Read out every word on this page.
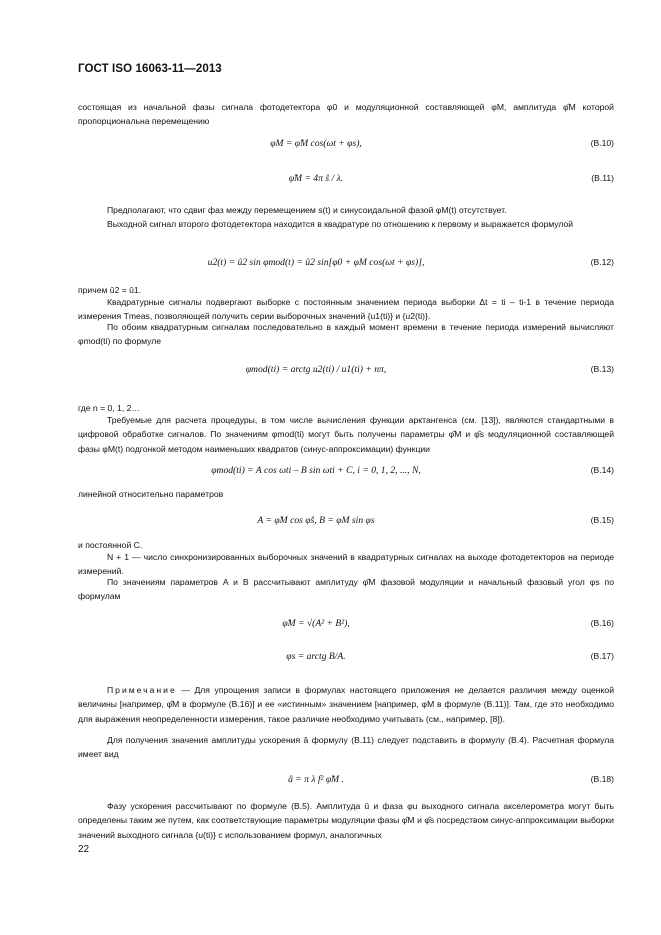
ГОСТ ISO 16063-11—2013
состоящая из начальной фазы сигнала фотодетектора φ0 и модуляционной составляющей φM, амплитуда φ̂M которой пропорциональна перемещению
φM = φ̂M cos(ωt + φs),	(В.10)
φ̂M = 4π ŝ / λ.	(В.11)
Предполагают, что сдвиг фаз между перемещением s(t) и синусоидальной фазой φM(t) отсутствует.
Выходной сигнал второго фотодетектора находится в квадратуре по отношению к первому и выражается формулой
u2(t) = û2 sin φmod(t) = û2 sin[φ0 + φM cos(ωt + φs)],	(В.12)
причем û2 = û1.
Квадратурные сигналы подвергают выборке с постоянным значением периода выборки Δt = ti – ti-1 в течение периода измерения Tmeas, позволяющей получить серии выборочных значений {u1(ti)} и {u2(ti)}.
По обоим квадратурным сигналам последовательно в каждый момент времени в течение периода измерений вычисляют φmod(ti) по формуле
φmod(ti) = arctg u2(ti) / u1(ti) + nπ,	(В.13)
где n = 0, 1, 2…
Требуемые для расчета процедуры, в том числе вычисления функции арктангенса (см. [13]), являются стандартными в цифровой обработке сигналов. По значениям φmod(ti) могут быть получены параметры φ̂M и φ̂s модуляционной составляющей фазы φM(t) подгонкой методом наименьших квадратов (синус-аппроксимации) функции
φmod(ti) = A cos ωti – B sin ωti + C, i = 0, 1, 2, ..., N,	(В.14)
линейной относительно параметров
A = φ̂M cos φ̂s, B = φM sin φs	(В.15)
и постоянной C.
N + 1 — число синхронизированных выборочных значений в квадратурных сигналах на выходе фотодетекторов на периоде измерений.
По значениям параметров A и B рассчитывают амплитуду φ̂M фазовой модуляции и начальный фазовый угол φs по формулам
φ̂M = √(A² + B²),	(В.16)
φs = arctg B/A.	(В.17)
Примечание — Для упрощения записи в формулах настоящего приложения не делается различия между оценкой величины [например, φ̂M в формуле (В.16)] и ее «истинным» значением [например, φM в формуле (В.11)]. Там, где это необходимо для выражения неопределенности измерения, такое различие необходимо учитывать (см., например, [8]).
Для получения значения амплитуды ускорения â формулу (В.11) следует подставить в формулу (В.4). Расчетная формула имеет вид
â = π λ f² φ̂M .	(В.18)
Фазу ускорения рассчитывают по формуле (В.5). Амплитуда û и фаза φu выходного сигнала акселерометра могут быть определены таким же путем, как соответствующие параметры модуляции фазы φ̂M и φ̂s посредством синус-аппроксимации выборки значений выходного сигнала {u(ti)} с использованием формул, аналогичных
22
